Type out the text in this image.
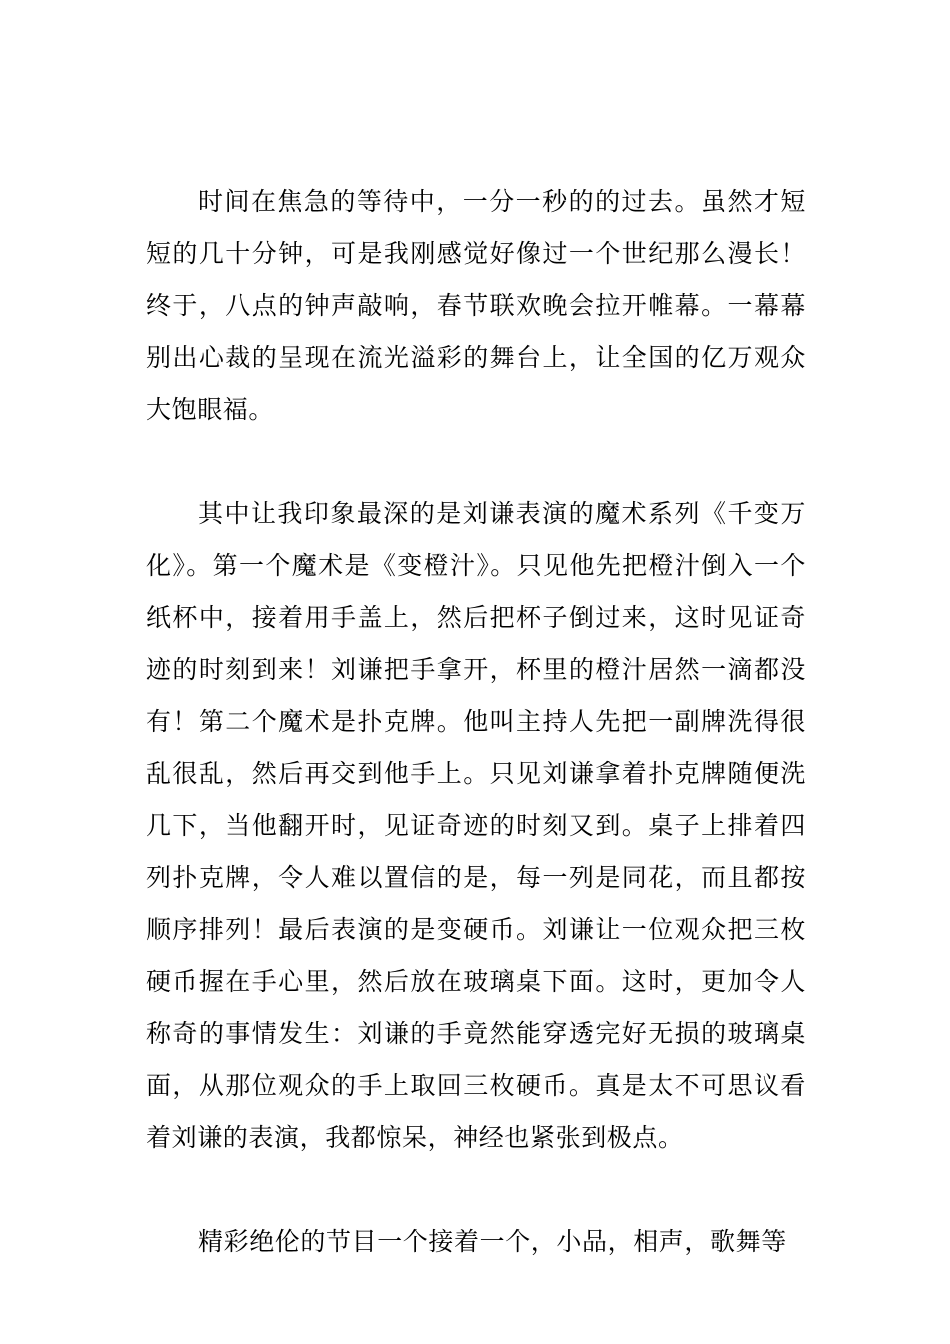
时间在焦急的等待中，一分一秒的的过去。虽然才短短的几十分钟，可是我刚感觉好像过一个世纪那么漫长！终于，八点的钟声敲响，春节联欢晚会拉开帷幕。一幕幕别出心裁的呈现在流光溢彩的舞台上，让全国的亿万观众大饱眼福。

其中让我印象最深的是刘谦表演的魔术系列《千变万化》。第一个魔术是《变橙汁》。只见他先把橙汁倒入一个纸杯中，接着用手盖上，然后把杯子倒过来，这时见证奇迹的时刻到来！刘谦把手拿开，杯里的橙汁居然一滴都没有！第二个魔术是扑克牌。他叫主持人先把一副牌洗得很乱很乱，然后再交到他手上。只见刘谦拿着扑克牌随便洗几下，当他翻开时，见证奇迹的时刻又到。桌子上排着四列扑克牌，令人难以置信的是，每一列是同花，而且都按顺序排列！最后表演的是变硬币。刘谦让一位观众把三枚硬币握在手心里，然后放在玻璃桌下面。这时，更加令人称奇的事情发生：刘谦的手竟然能穿透完好无损的玻璃桌面，从那位观众的手上取回三枚硬币。真是太不可思议看着刘谦的表演，我都惊呆，神经也紧张到极点。

精彩绝伦的节目一个接着一个，小品，相声，歌舞等
